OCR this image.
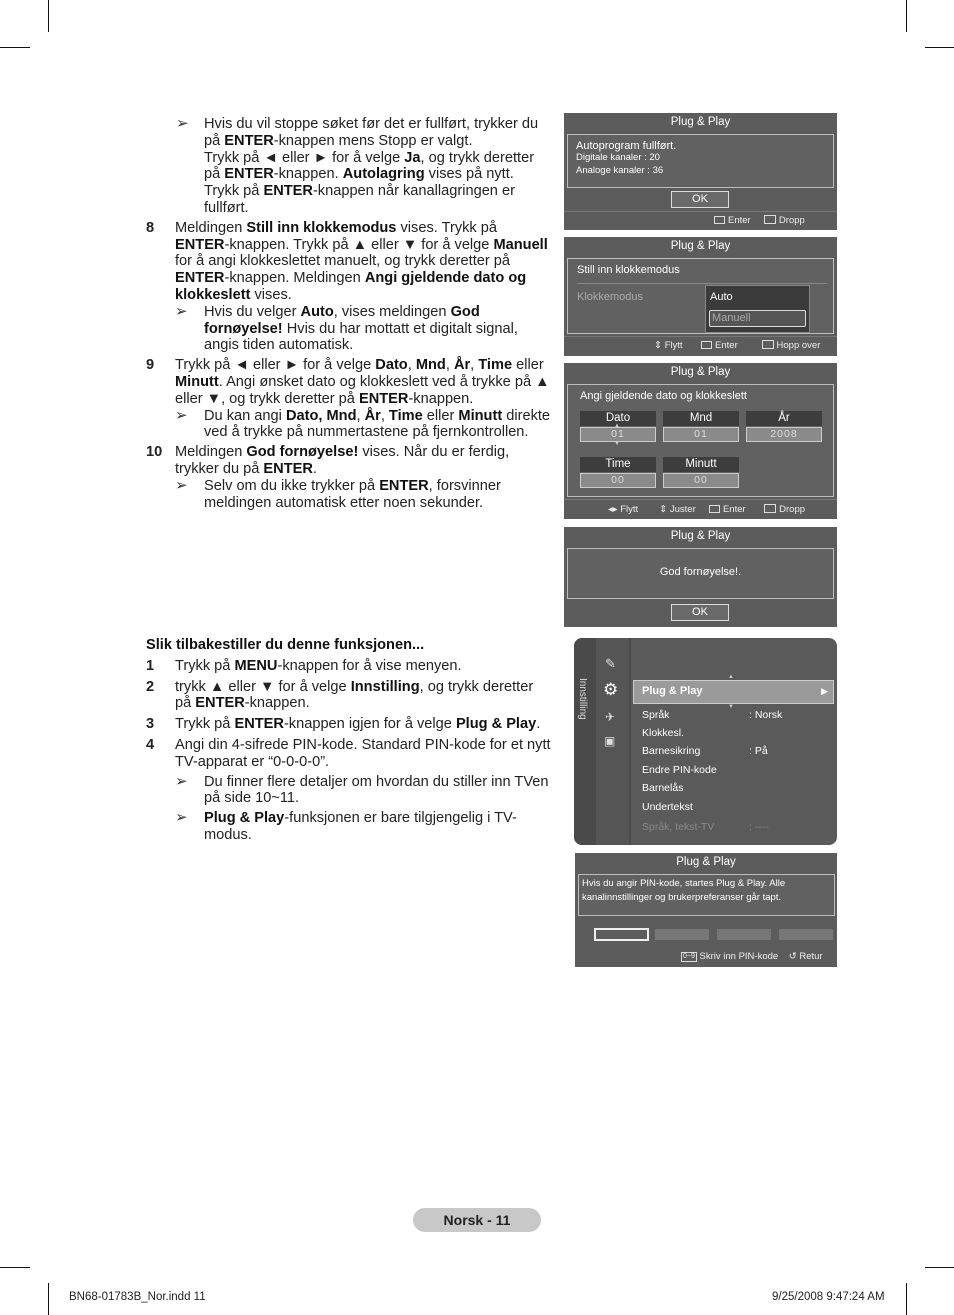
➢ Hvis du vil stoppe søket før det er fullført, trykker du på ENTER-knappen mens Stopp er valgt.
Trykk på ◄ eller ► for å velge Ja, og trykk deretter på ENTER-knappen. Autolagring vises på nytt.
Trykk på ENTER-knappen når kanallagringen er fullført.
8 Meldingen Still inn klokkemodus vises. Trykk på ENTER-knappen. Trykk på ▲ eller ▼ for å velge Manuell for å angi klokkeslettet manuelt, og trykk deretter på ENTER-knappen. Meldingen Angi gjeldende dato og klokkeslett vises.
➢ Hvis du velger Auto, vises meldingen God fornøyelse! Hvis du har mottatt et digitalt signal, angis tiden automatisk.
9 Trykk på ◄ eller ► for å velge Dato, Mnd, År, Time eller Minutt. Angi ønsket dato og klokkeslett ved å trykke på ▲ eller ▼, og trykk deretter på ENTER-knappen.
➢ Du kan angi Dato, Mnd, År, Time eller Minutt direkte ved å trykke på nummertastene på fjernkontrollen.
10 Meldingen God fornøyelse! vises. Når du er ferdig, trykker du på ENTER.
➢ Selv om du ikke trykker på ENTER, forsvinner meldingen automatisk etter noen sekunder.
Slik tilbakestiller du denne funksjonen...
1 Trykk på MENU-knappen for å vise menyen.
2 trykk ▲ eller ▼ for å velge Innstilling, og trykk deretter på ENTER-knappen.
3 Trykk på ENTER-knappen igjen for å velge Plug & Play.
4 Angi din 4-sifrede PIN-kode. Standard PIN-kode for et nytt TV-apparat er “0-0-0-0”.
➢ Du finner flere detaljer om hvordan du stiller inn TVen på side 10~11.
➢ Plug & Play-funksjonen er bare tilgjengelig i TV-modus.
Plug & Play
Autoprogram fullført.
Digitale kanaler : 20
Analoge kanaler : 36
OK
Enter	Dropp
Plug & Play
Still inn klokkemodus
Klokkemodus	Auto
Manuell
⇕ Flytt	Enter	Hopp over
Plug & Play
Angi gjeldende dato og klokkeslett
Dato	Mnd	År
01	01	2008
▲
▼
Time	Minutt
00	00
◂▸ Flytt ⇕ Juster	Enter	Dropp
Plug & Play
God fornøyelse!.
OK
Innstilling
✎
⚙
✈
▣
▲
Plug & Play	▶
▼
Språk	: Norsk
Klokkesl.
Barnesikring	: På
Endre PIN-kode
Barnelås
Undertekst
Språk, tekst-TV	: ----
Plug & Play
Hvis du angir PIN-kode, startes Plug & Play. Alle kanalinnstillinger og brukerpreferanser går tapt.
0~9 Skriv inn PIN-kode ↺ Retur
Norsk - 11
BN68-01783B_Nor.indd 11	9/25/2008 9:47:24 AM
